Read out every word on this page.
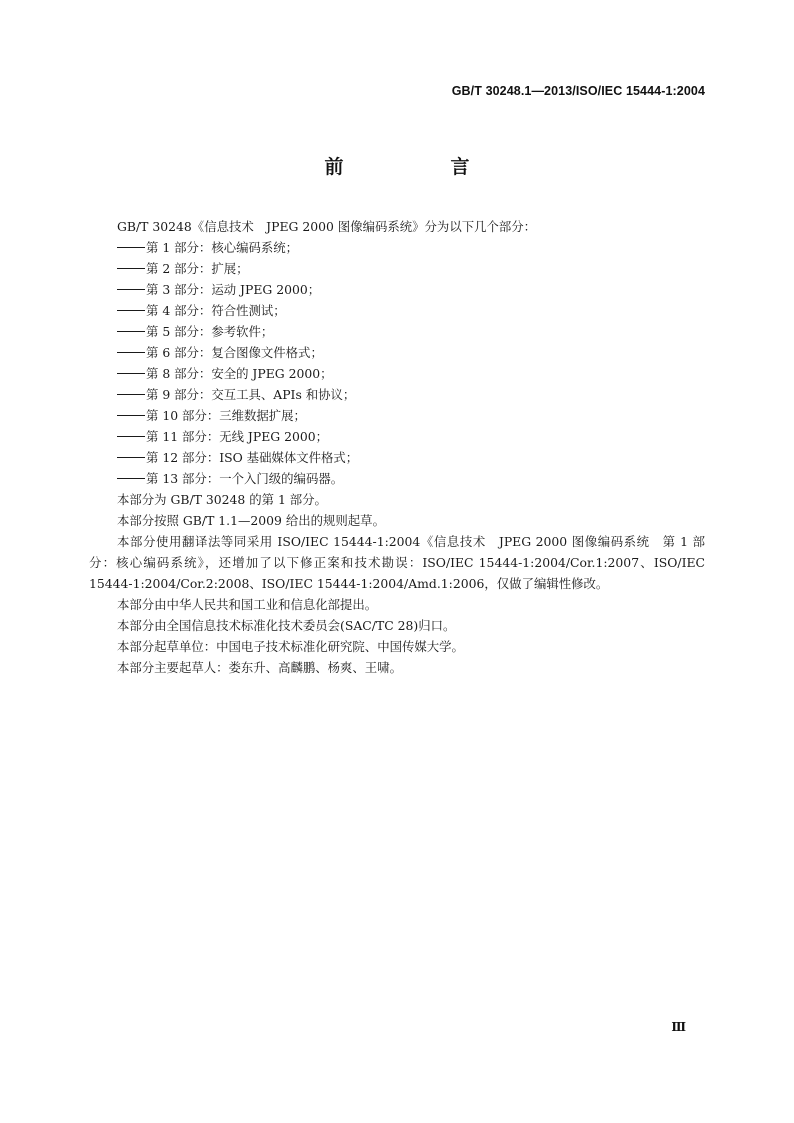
GB/T 30248.1—2013/ISO/IEC 15444-1:2004
前　言

GB/T 30248《信息技术　JPEG 2000 图像编码系统》分为以下几个部分：

第 1 部分：核心编码系统；

第 2 部分：扩展；

第 3 部分：运动 JPEG 2000；

第 4 部分：符合性测试；

第 5 部分：参考软件；

第 6 部分：复合图像文件格式；

第 8 部分：安全的 JPEG 2000；

第 9 部分：交互工具、APIs 和协议；

第 10 部分：三维数据扩展；

第 11 部分：无线 JPEG 2000；

第 12 部分：ISO 基础媒体文件格式；

第 13 部分：一个入门级的编码器。

本部分为 GB/T 30248 的第 1 部分。

本部分按照 GB/T 1.1—2009 给出的规则起草。

本部分使用翻译法等同采用 ISO/IEC 15444-1:2004《信息技术　JPEG 2000 图像编码系统　第 1 部分：核心编码系统》，还增加了以下修正案和技术勘误：ISO/IEC 15444-1:2004/Cor.1:2007、ISO/IEC 15444-1:2004/Cor.2:2008、ISO/IEC 15444-1:2004/Amd.1:2006，仅做了编辑性修改。

本部分由中华人民共和国工业和信息化部提出。

本部分由全国信息技术标准化技术委员会(SAC/TC 28)归口。

本部分起草单位：中国电子技术标准化研究院、中国传媒大学。

本部分主要起草人：娄东升、高麟鹏、杨爽、王啸。

Ⅲ
